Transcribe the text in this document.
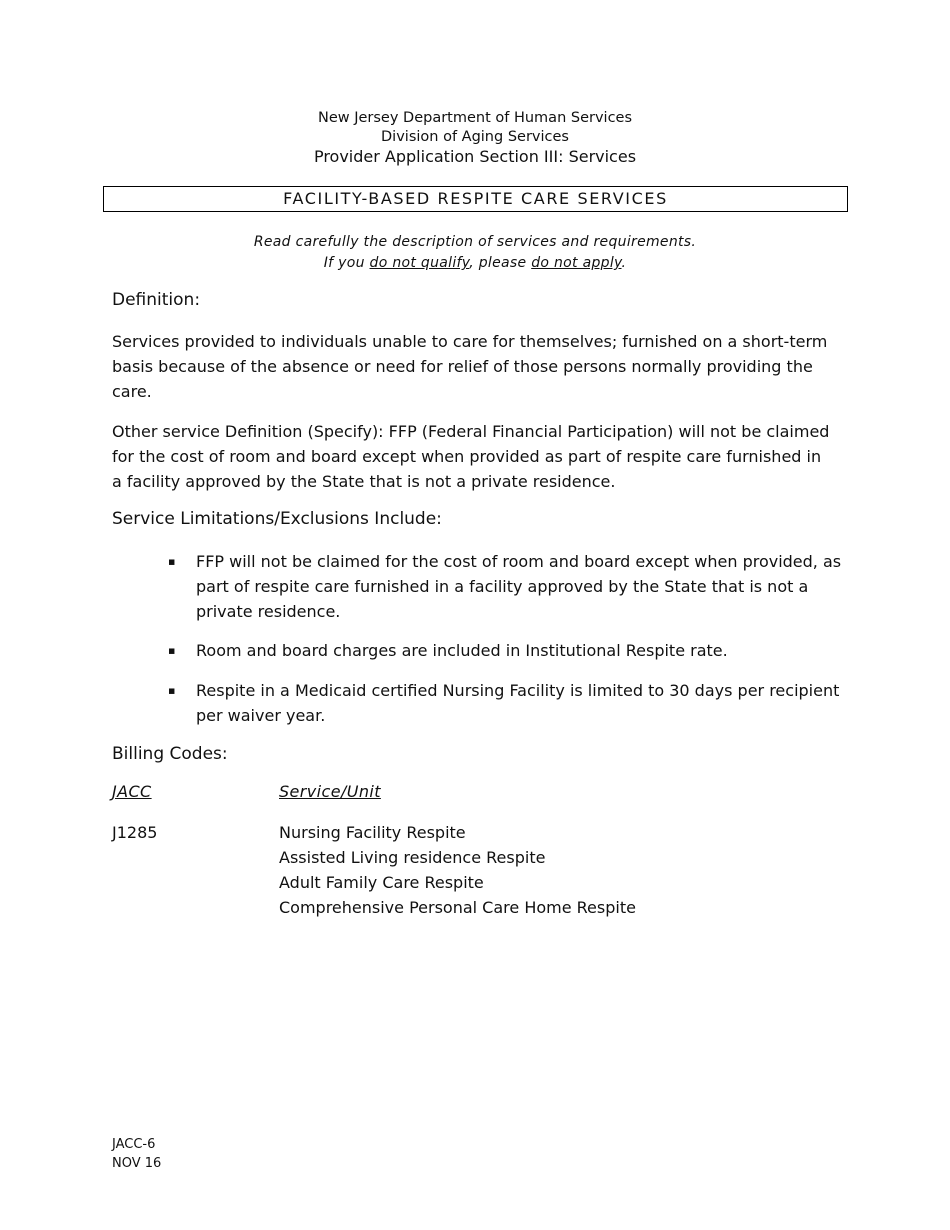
New Jersey Department of Human Services
Division of Aging Services
Provider Application Section III: Services
FACILITY-BASED RESPITE CARE SERVICES
Read carefully the description of services and requirements.
If you do not qualify, please do not apply.
Definition:
Services provided to individuals unable to care for themselves; furnished on a short-term basis because of the absence or need for relief of those persons normally providing the care.
Other service Definition (Specify): FFP (Federal Financial Participation) will not be claimed for the cost of room and board except when provided as part of respite care furnished in a facility approved by the State that is not a private residence.
Service Limitations/Exclusions Include:
▪ FFP will not be claimed for the cost of room and board except when provided, as part of respite care furnished in a facility approved by the State that is not a private residence.
▪ Room and board charges are included in Institutional Respite rate.
▪ Respite in a Medicaid certified Nursing Facility is limited to 30 days per recipient per waiver year.
Billing Codes:
JACC	Service/Unit
J1285	Nursing Facility Respite
Assisted Living residence Respite
Adult Family Care Respite
Comprehensive Personal Care Home Respite
JACC-6
NOV 16
